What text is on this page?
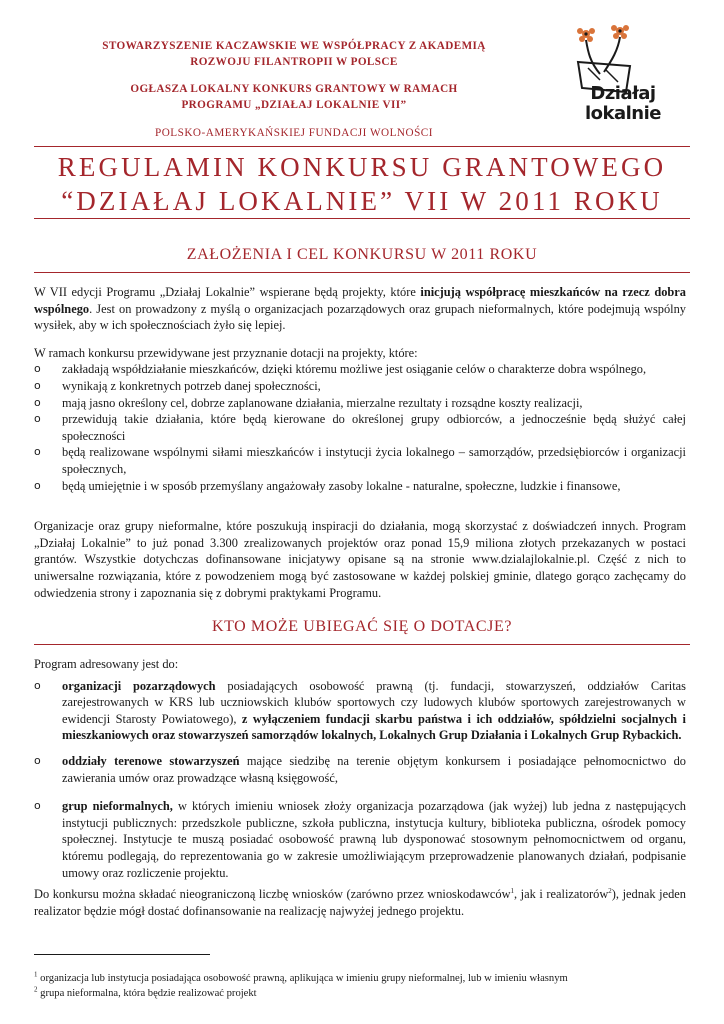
STOWARZYSZENIE KACZAWSKIE WE WSPÓŁPRACY Z AKADEMIĄ
ROZWOJU FILANTROPII W POLSCE
OGŁASZA LOKALNY KONKURS GRANTOWY W RAMACH
PROGRAMU „DZIAŁAJ LOKALNIE VII”
POLSKO-AMERYKAŃSKIEJ FUNDACJI WOLNOŚCI
Działaj
lokalnie
REGULAMIN KONKURSU GRANTOWEGO
“DZIAŁAJ LOKALNIE” VII W 2011 ROKU
ZAŁOŻENIA I CEL KONKURSU W 2011 ROKU
W VII edycji Programu „Działaj Lokalnie” wspierane będą projekty, które inicjują współpracę mieszkańców na rzecz dobra wspólnego. Jest on prowadzony z myślą o organizacjach pozarządowych oraz grupach nieformalnych, które podejmują wspólny wysiłek, aby w ich społecznościach żyło się lepiej.
W ramach konkursu przewidywane jest przyznanie dotacji na projekty, które:
o zakładają współdziałanie mieszkańców, dzięki któremu możliwe jest osiąganie celów o charakterze dobra wspólnego,
o wynikają z konkretnych potrzeb danej społeczności,
o mają jasno określony cel, dobrze zaplanowane działania, mierzalne rezultaty i rozsądne koszty realizacji,
o przewidują takie działania, które będą kierowane do określonej grupy odbiorców, a jednocześnie będą służyć całej społeczności
o będą realizowane wspólnymi siłami mieszkańców i instytucji życia lokalnego – samorządów, przedsiębiorców i organizacji społecznych,
o będą umiejętnie i w sposób przemyślany angażowały zasoby lokalne - naturalne, społeczne, ludzkie i finansowe,
Organizacje oraz grupy nieformalne, które poszukują inspiracji do działania, mogą skorzystać z doświadczeń innych. Program „Działaj Lokalnie” to już ponad 3.300 zrealizowanych projektów oraz ponad 15,9 miliona złotych przekazanych w postaci grantów. Wszystkie dotychczas dofinansowane inicjatywy opisane są na stronie www.dzialajlokalnie.pl. Część z nich to uniwersalne rozwiązania, które z powodzeniem mogą być zastosowane w każdej polskiej gminie, dlatego gorąco zachęcamy do odwiedzenia strony i zapoznania się z dobrymi praktykami Programu.
KTO MOŻE UBIEGAĆ SIĘ O DOTACJE?
Program adresowany jest do:
o organizacji pozarządowych posiadających osobowość prawną (tj. fundacji, stowarzyszeń, oddziałów Caritas zarejestrowanych w KRS lub uczniowskich klubów sportowych czy ludowych klubów sportowych zarejestrowanych w ewidencji Starosty Powiatowego), z wyłączeniem fundacji skarbu państwa i ich oddziałów, spółdzielni socjalnych i mieszkaniowych oraz stowarzyszeń samorządów lokalnych, Lokalnych Grup Działania i Lokalnych Grup Rybackich.
o oddziały terenowe stowarzyszeń mające siedzibę na terenie objętym konkursem i posiadające pełnomocnictwo do zawierania umów oraz prowadzące własną księgowość,
o grup nieformalnych, w których imieniu wniosek złoży organizacja pozarządowa (jak wyżej) lub jedna z następujących instytucji publicznych: przedszkole publiczne, szkoła publiczna, instytucja kultury, biblioteka publiczna, ośrodek pomocy społecznej. Instytucje te muszą posiadać osobowość prawną lub dysponować stosownym pełnomocnictwem od organu, któremu podlegają, do reprezentowania go w zakresie umożliwiającym przeprowadzenie planowanych działań, podpisanie umowy oraz rozliczenie projektu.
Do konkursu można składać nieograniczoną liczbę wniosków (zarówno przez wnioskodawców$^1$, jak i realizatorów$^2$), jednak jeden realizator będzie mógł dostać dofinansowanie na realizację najwyżej jednego projektu.
$^1$ organizacja lub instytucja posiadająca osobowość prawną, aplikująca w imieniu grupy nieformalnej, lub w imieniu własnym
$^2$ grupa nieformalna, która będzie realizować projekt
